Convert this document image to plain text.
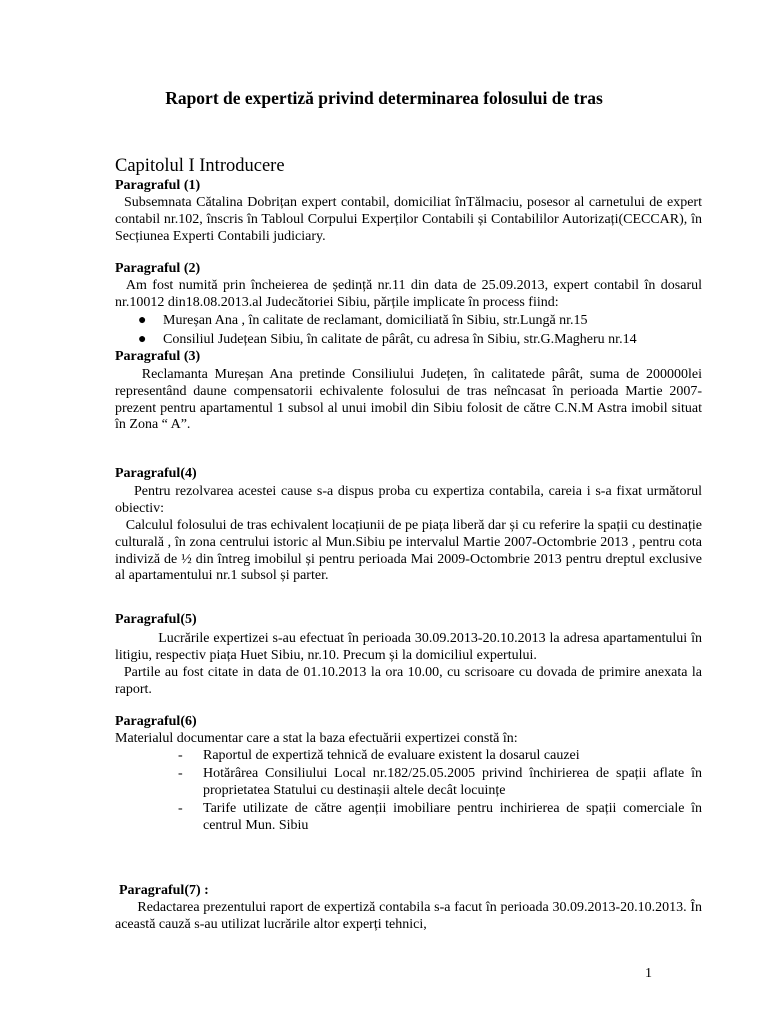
Raport de expertiză privind determinarea folosului de tras
Capitolul I Introducere
Paragraful (1)
Subsemnata Cătalina Dobrițan expert contabil, domiciliat înTălmaciu, posesor al carnetului de expert contabil nr.102, înscris în Tabloul Corpului Experților Contabili și Contabililor Autorizați(CECCAR), în Secțiunea Experti Contabili judiciary.
Paragraful (2)
Am fost numită prin încheierea de ședință nr.11 din data de 25.09.2013, expert contabil în dosarul nr.10012 din18.08.2013.al Judecătoriei Sibiu, părțile implicate în process fiind:
● Mureșan Ana , în calitate de reclamant, domiciliată în Sibiu, str.Lungă nr.15
● Consiliul Județean Sibiu, în calitate de pârât, cu adresa în Sibiu, str.G.Magheru nr.14
Paragraful (3)
Reclamanta Mureșan Ana pretinde Consiliului Județen, în calitatede pârât, suma de 200000lei representând daune compensatorii echivalente folosului de tras neîncasat în perioada Martie 2007-prezent pentru apartamentul 1 subsol al unui imobil din Sibiu folosit de către C.N.M Astra imobil situat în Zona “ A”.
Paragraful(4)
Pentru rezolvarea acestei cause s-a dispus proba cu expertiza contabila, careia i s-a fixat următorul obiectiv:
Calculul folosului de tras echivalent locațiunii de pe piața liberă dar și cu referire la spații cu destinație culturală , în zona centrului istoric al Mun.Sibiu pe intervalul Martie 2007-Octombrie 2013 , pentru cota indiviză de ½ din întreg imobilul și pentru perioada Mai 2009-Octombrie 2013 pentru dreptul exclusive al apartamentului nr.1 subsol și parter.
Paragraful(5)
Lucrările expertizei s-au efectuat în perioada 30.09.2013-20.10.2013 la adresa apartamentului în litigiu, respectiv piața Huet Sibiu, nr.10. Precum și la domiciliul expertului.
Partile au fost citate in data de 01.10.2013 la ora 10.00, cu scrisoare cu dovada de primire anexata la raport.
Paragraful(6)
Materialul documentar care a stat la baza efectuării expertizei constă în:
- Raportul de expertiză tehnică de evaluare existent la dosarul cauzei
- Hotărârea Consiliului Local nr.182/25.05.2005 privind închirierea de spații aflate în proprietatea Statului cu destinașii altele decât locuințe
- Tarife utilizate de către agenții imobiliare pentru inchirierea de spații comerciale în centrul Mun. Sibiu
Paragraful(7) :
Redactarea prezentului raport de expertiză contabila s-a facut în perioada 30.09.2013-20.10.2013. În această cauză s-au utilizat lucrările altor experți tehnici,
1
